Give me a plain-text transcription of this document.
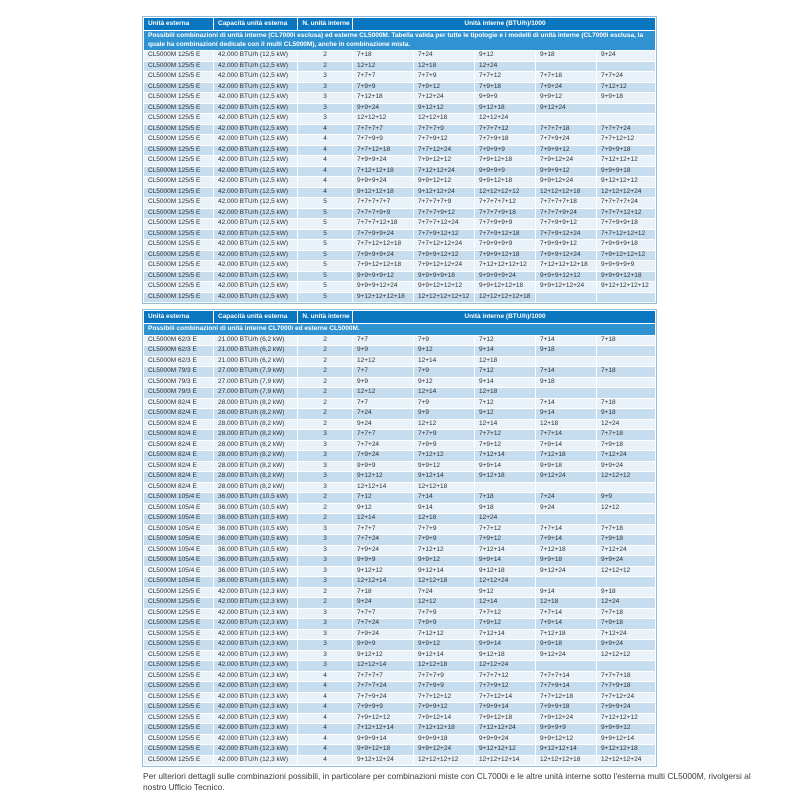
Unità esterna	Capacità unità esterna	N. unità interne	Unità interne (BTU/h)/1000				
Possibili combinazioni di unità interne (CL7000i esclusa) ed esterne CL5000M. Tabella valida per tutte le tipologie e i modelli di unità interne (CL7000i esclusa, la quale ha combinazioni dedicate con il multi CL5000M), anche in combinazione mista.							
CL5000M 125/5 E	42.000 BTU/h (12,5 kW)	2	7+18	7+24	9+12	9+18	9+24
CL5000M 125/5 E	42.000 BTU/h (12,5 kW)	2	12+12	12+18	12+24		
CL5000M 125/5 E	42.000 BTU/h (12,5 kW)	3	7+7+7	7+7+9	7+7+12	7+7+18	7+7+24
CL5000M 125/5 E	42.000 BTU/h (12,5 kW)	3	7+9+9	7+9+12	7+9+18	7+9+24	7+12+12
CL5000M 125/5 E	42.000 BTU/h (12,5 kW)	3	7+12+18	7+12+24	9+9+9	9+9+12	9+9+18
CL5000M 125/5 E	42.000 BTU/h (12,5 kW)	3	9+9+24	9+12+12	9+12+18	9+12+24	
CL5000M 125/5 E	42.000 BTU/h (12,5 kW)	3	12+12+12	12+12+18	12+12+24		
CL5000M 125/5 E	42.000 BTU/h (12,5 kW)	4	7+7+7+7	7+7+7+9	7+7+7+12	7+7+7+18	7+7+7+24
CL5000M 125/5 E	42.000 BTU/h (12,5 kW)	4	7+7+9+9	7+7+9+12	7+7+9+18	7+7+9+24	7+7+12+12
CL5000M 125/5 E	42.000 BTU/h (12,5 kW)	4	7+7+12+18	7+7+12+24	7+9+9+9	7+9+9+12	7+9+9+18
CL5000M 125/5 E	42.000 BTU/h (12,5 kW)	4	7+9+9+24	7+9+12+12	7+9+12+18	7+9+12+24	7+12+12+12
CL5000M 125/5 E	42.000 BTU/h (12,5 kW)	4	7+12+12+18	7+12+12+24	9+9+9+9	9+9+9+12	9+9+9+18
CL5000M 125/5 E	42.000 BTU/h (12,5 kW)	4	9+9+9+24	9+9+12+12	9+9+12+18	9+9+12+24	9+12+12+12
CL5000M 125/5 E	42.000 BTU/h (12,5 kW)	4	9+12+12+18	9+12+12+24	12+12+12+12	12+12+12+18	12+12+12+24
CL5000M 125/5 E	42.000 BTU/h (12,5 kW)	5	7+7+7+7+7	7+7+7+7+9	7+7+7+7+12	7+7+7+7+18	7+7+7+7+24
CL5000M 125/5 E	42.000 BTU/h (12,5 kW)	5	7+7+7+9+9	7+7+7+9+12	7+7+7+9+18	7+7+7+9+24	7+7+7+12+12
CL5000M 125/5 E	42.000 BTU/h (12,5 kW)	5	7+7+7+12+18	7+7+7+12+24	7+7+9+9+9	7+7+9+9+12	7+7+9+9+18
CL5000M 125/5 E	42.000 BTU/h (12,5 kW)	5	7+7+9+9+24	7+7+9+12+12	7+7+9+12+18	7+7+9+12+24	7+7+12+12+12
CL5000M 125/5 E	42.000 BTU/h (12,5 kW)	5	7+7+12+12+18	7+7+12+12+24	7+9+9+9+9	7+9+9+9+12	7+9+9+9+18
CL5000M 125/5 E	42.000 BTU/h (12,5 kW)	5	7+9+9+9+24	7+9+9+12+12	7+9+9+12+18	7+9+9+12+24	7+9+12+12+12
CL5000M 125/5 E	42.000 BTU/h (12,5 kW)	5	7+9+12+12+18	7+9+12+12+24	7+12+12+12+12	7+12+12+12+18	9+9+9+9+9
CL5000M 125/5 E	42.000 BTU/h (12,5 kW)	5	9+9+9+9+12	9+9+9+9+18	9+9+9+9+24	9+9+9+12+12	9+9+9+12+18
CL5000M 125/5 E	42.000 BTU/h (12,5 kW)	5	9+9+9+12+24	9+9+12+12+12	9+9+12+12+18	9+9+12+12+24	9+12+12+12+12
CL5000M 125/5 E	42.000 BTU/h (12,5 kW)	5	9+12+12+12+18	12+12+12+12+12	12+12+12+12+18		
Unità esterna	Capacità unità esterna	N. unità interne	Unità interne (BTU/h)/1000				
Possibili combinazioni di unità interne CL7000i ed esterne CL5000M.							
CL5000M 62/3 E	21.000 BTU/h (6,2 kW)	2	7+7	7+9	7+12	7+14	7+18
CL5000M 62/3 E	21.000 BTU/h (6,2 kW)	2	9+9	9+12	9+14	9+18	
CL5000M 62/3 E	21.000 BTU/h (6,2 kW)	2	12+12	12+14	12+18		
CL5000M 79/3 E	27.000 BTU/h (7,9 kW)	2	7+7	7+9	7+12	7+14	7+18
CL5000M 79/3 E	27.000 BTU/h (7,9 kW)	2	9+9	9+12	9+14	9+18	
CL5000M 79/3 E	27.000 BTU/h (7,9 kW)	2	12+12	12+14	12+18		
CL5000M 82/4 E	28.000 BTU/h (8,2 kW)	2	7+7	7+9	7+12	7+14	7+18
CL5000M 82/4 E	28.000 BTU/h (8,2 kW)	2	7+24	9+9	9+12	9+14	9+18
CL5000M 82/4 E	28.000 BTU/h (8,2 kW)	2	9+24	12+12	12+14	12+18	12+24
CL5000M 82/4 E	28.000 BTU/h (8,2 kW)	3	7+7+7	7+7+9	7+7+12	7+7+14	7+7+18
CL5000M 82/4 E	28.000 BTU/h (8,2 kW)	3	7+7+24	7+9+9	7+9+12	7+9+14	7+9+18
CL5000M 82/4 E	28.000 BTU/h (8,2 kW)	3	7+9+24	7+12+12	7+12+14	7+12+18	7+12+24
CL5000M 82/4 E	28.000 BTU/h (8,2 kW)	3	9+9+9	9+9+12	9+9+14	9+9+18	9+9+24
CL5000M 82/4 E	28.000 BTU/h (8,2 kW)	3	9+12+12	9+12+14	9+12+18	9+12+24	12+12+12
CL5000M 82/4 E	28.000 BTU/h (8,2 kW)	3	12+12+14	12+12+18			
CL5000M 105/4 E	36.000 BTU/h (10,5 kW)	2	7+12	7+14	7+18	7+24	9+9
CL5000M 105/4 E	36.000 BTU/h (10,5 kW)	2	9+12	9+14	9+18	9+24	12+12
CL5000M 105/4 E	36.000 BTU/h (10,5 kW)	2	12+14	12+18	12+24		
CL5000M 105/4 E	36.000 BTU/h (10,5 kW)	3	7+7+7	7+7+9	7+7+12	7+7+14	7+7+18
CL5000M 105/4 E	36.000 BTU/h (10,5 kW)	3	7+7+24	7+9+9	7+9+12	7+9+14	7+9+18
CL5000M 105/4 E	36.000 BTU/h (10,5 kW)	3	7+9+24	7+12+12	7+12+14	7+12+18	7+12+24
CL5000M 105/4 E	36.000 BTU/h (10,5 kW)	3	9+9+9	9+9+12	9+9+14	9+9+18	9+9+24
CL5000M 105/4 E	36.000 BTU/h (10,5 kW)	3	9+12+12	9+12+14	9+12+18	9+12+24	12+12+12
CL5000M 105/4 E	36.000 BTU/h (10,5 kW)	3	12+12+14	12+12+18	12+12+24		
CL5000M 125/5 E	42.000 BTU/h (12,3 kW)	2	7+18	7+24	9+12	9+14	9+18
CL5000M 125/5 E	42.000 BTU/h (12,3 kW)	2	9+24	12+12	12+14	12+18	12+24
CL5000M 125/5 E	42.000 BTU/h (12,3 kW)	3	7+7+7	7+7+9	7+7+12	7+7+14	7+7+18
CL5000M 125/5 E	42.000 BTU/h (12,3 kW)	3	7+7+24	7+9+9	7+9+12	7+9+14	7+9+18
CL5000M 125/5 E	42.000 BTU/h (12,3 kW)	3	7+9+24	7+12+12	7+12+14	7+12+18	7+12+24
CL5000M 125/5 E	42.000 BTU/h (12,3 kW)	3	9+9+9	9+9+12	9+9+14	9+9+18	9+9+24
CL5000M 125/5 E	42.000 BTU/h (12,3 kW)	3	9+12+12	9+12+14	9+12+18	9+12+24	12+12+12
CL5000M 125/5 E	42.000 BTU/h (12,3 kW)	3	12+12+14	12+12+18	12+12+24		
CL5000M 125/5 E	42.000 BTU/h (12,3 kW)	4	7+7+7+7	7+7+7+9	7+7+7+12	7+7+7+14	7+7+7+18
CL5000M 125/5 E	42.000 BTU/h (12,3 kW)	4	7+7+7+24	7+7+9+9	7+7+9+12	7+7+9+14	7+7+9+18
CL5000M 125/5 E	42.000 BTU/h (12,3 kW)	4	7+7+9+24	7+7+12+12	7+7+12+14	7+7+12+18	7+7+12+24
CL5000M 125/5 E	42.000 BTU/h (12,3 kW)	4	7+9+9+9	7+9+9+12	7+9+9+14	7+9+9+18	7+9+9+24
CL5000M 125/5 E	42.000 BTU/h (12,3 kW)	4	7+9+12+12	7+9+12+14	7+9+12+18	7+9+12+24	7+12+12+12
CL5000M 125/5 E	42.000 BTU/h (12,3 kW)	4	7+12+12+14	7+12+12+18	7+12+12+24	9+9+9+9	9+9+9+12
CL5000M 125/5 E	42.000 BTU/h (12,3 kW)	4	9+9+9+14	9+9+9+18	9+9+9+24	9+9+12+12	9+9+12+14
CL5000M 125/5 E	42.000 BTU/h (12,3 kW)	4	9+9+12+18	9+9+12+24	9+12+12+12	9+12+12+14	9+12+12+18
CL5000M 125/5 E	42.000 BTU/h (12,3 kW)	4	9+12+12+24	12+12+12+12	12+12+12+14	12+12+12+18	12+12+12+24
Per ulteriori dettagli sulle combinazioni possibili, in particolare per combinazioni miste con CL7000i e le altre unità interne sotto l'esterna multi CL5000M, rivolgersi al nostro Ufficio Tecnico.
